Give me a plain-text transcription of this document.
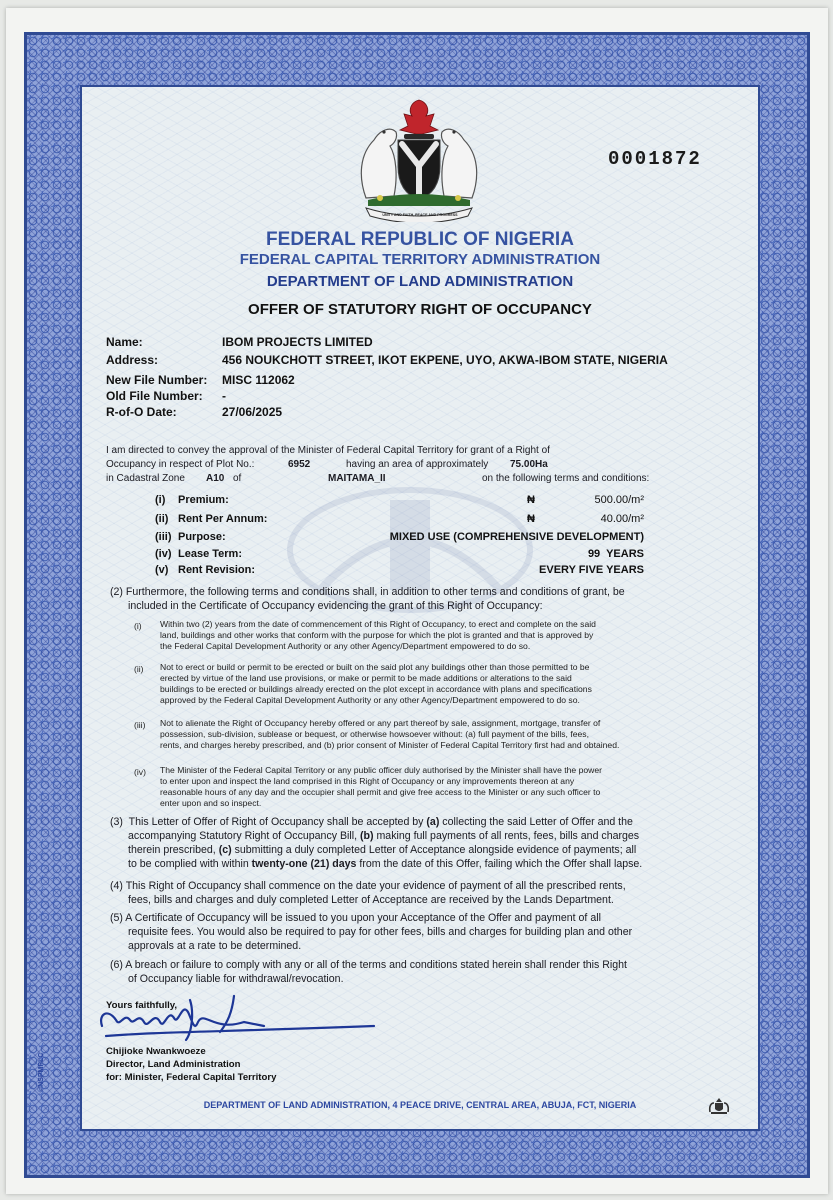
UNITY AND FAITH, PEACE AND PROGRESS
0001872
FEDERAL REPUBLIC OF NIGERIA
FEDERAL CAPITAL TERRITORY ADMINISTRATION
DEPARTMENT OF LAND ADMINISTRATION
OFFER OF STATUTORY RIGHT OF OCCUPANCY
Name:	IBOM PROJECTS LIMITED
Address:	456 NOUKCHOTT STREET, IKOT EKPENE, UYO, AKWA-IBOM STATE, NIGERIA
New File Number: MISC 112062
Old File Number: -
R-of-O Date:	27/06/2025
I am directed to convey the approval of the Minister of Federal Capital Territory for grant of a Right of
Occupancy in respect of Plot No.:	6952	having an area of approximately 75.00Ha
in Cadastral Zone A10 of	MAITAMA_II	on the following terms and conditions:
(i) Premium:	₦	500.00/m²
(ii) Rent Per Annum:	₦	40.00/m²
(iii) Purpose:	MIXED USE (COMPREHENSIVE DEVELOPMENT)
(iv) Lease Term:	99  YEARS
(v) Rent Revision:	EVERY FIVE YEARS
(2) Furthermore, the following terms and conditions shall, in addition to other terms and conditions of grant, be
included in the Certificate of Occupancy evidencing the grant of this Right of Occupancy:
(i) Within two (2) years from the date of commencement of this Right of Occupancy, to erect and complete on the said
land, buildings and other works that conform with the purpose for which the plot is granted and that is approved by
the Federal Capital Development Authority or any other Agency/Department empowered to do so.
(ii) Not to erect or build or permit to be erected or built on the said plot any buildings other than those permitted to be
erected by virtue of the land use provisions, or make or permit to be made additions or alterations to the said
buildings to be erected or buildings already erected on the plot except in accordance with plans and specifications
approved by the Federal Capital Development Authority or any other Agency/Department empowered to do so.
(iii) Not to alienate the Right of Occupancy hereby offered or any part thereof by sale, assignment, mortgage, transfer of
possession, sub-division, sublease or bequest, or otherwise howsoever without: (a) full payment of the bills, fees,
rents, and charges hereby prescribed, and (b) prior consent of Minister of Federal Capital Territory first had and obtained.
(iv) The Minister of the Federal Capital Territory or any public officer duly authorised by the Minister shall have the power
to enter upon and inspect the land comprised in this Right of Occupancy or any improvements thereon at any
reasonable hours of any day and the occupier shall permit and give free access to the Minister or any such officer to
enter upon and so inspect.
(3)  This Letter of Offer of Right of Occupancy shall be accepted by (a) collecting the said Letter of Offer and the
accompanying Statutory Right of Occupancy Bill, (b) making full payments of all rents, fees, bills and charges
therein prescribed, (c) submitting a duly completed Letter of Acceptance alongside evidence of payments; all
to be complied with within twenty-one (21) days from the date of this Offer, failing which the Offer shall lapse.
(4) This Right of Occupancy shall commence on the date your evidence of payment of all the prescribed rents,
fees, bills and charges and duly completed Letter of Acceptance are received by the Lands Department.
(5) A Certificate of Occupancy will be issued to you upon your Acceptance of the Offer and payment of all
requisite fees. You would also be required to pay for other fees, bills and charges for building plan and other
approvals at a rate to be determined.
(6) A breach or failure to comply with any or all of the terms and conditions stated herein shall render this Right
of Occupancy liable for withdrawal/revocation.
Yours faithfully,
Chijioke Nwankwoeze
Director, Land Administration
for: Minister, Federal Capital Territory
©NSPMPLC
DEPARTMENT OF LAND ADMINISTRATION, 4 PEACE DRIVE, CENTRAL AREA, ABUJA, FCT, NIGERIA
